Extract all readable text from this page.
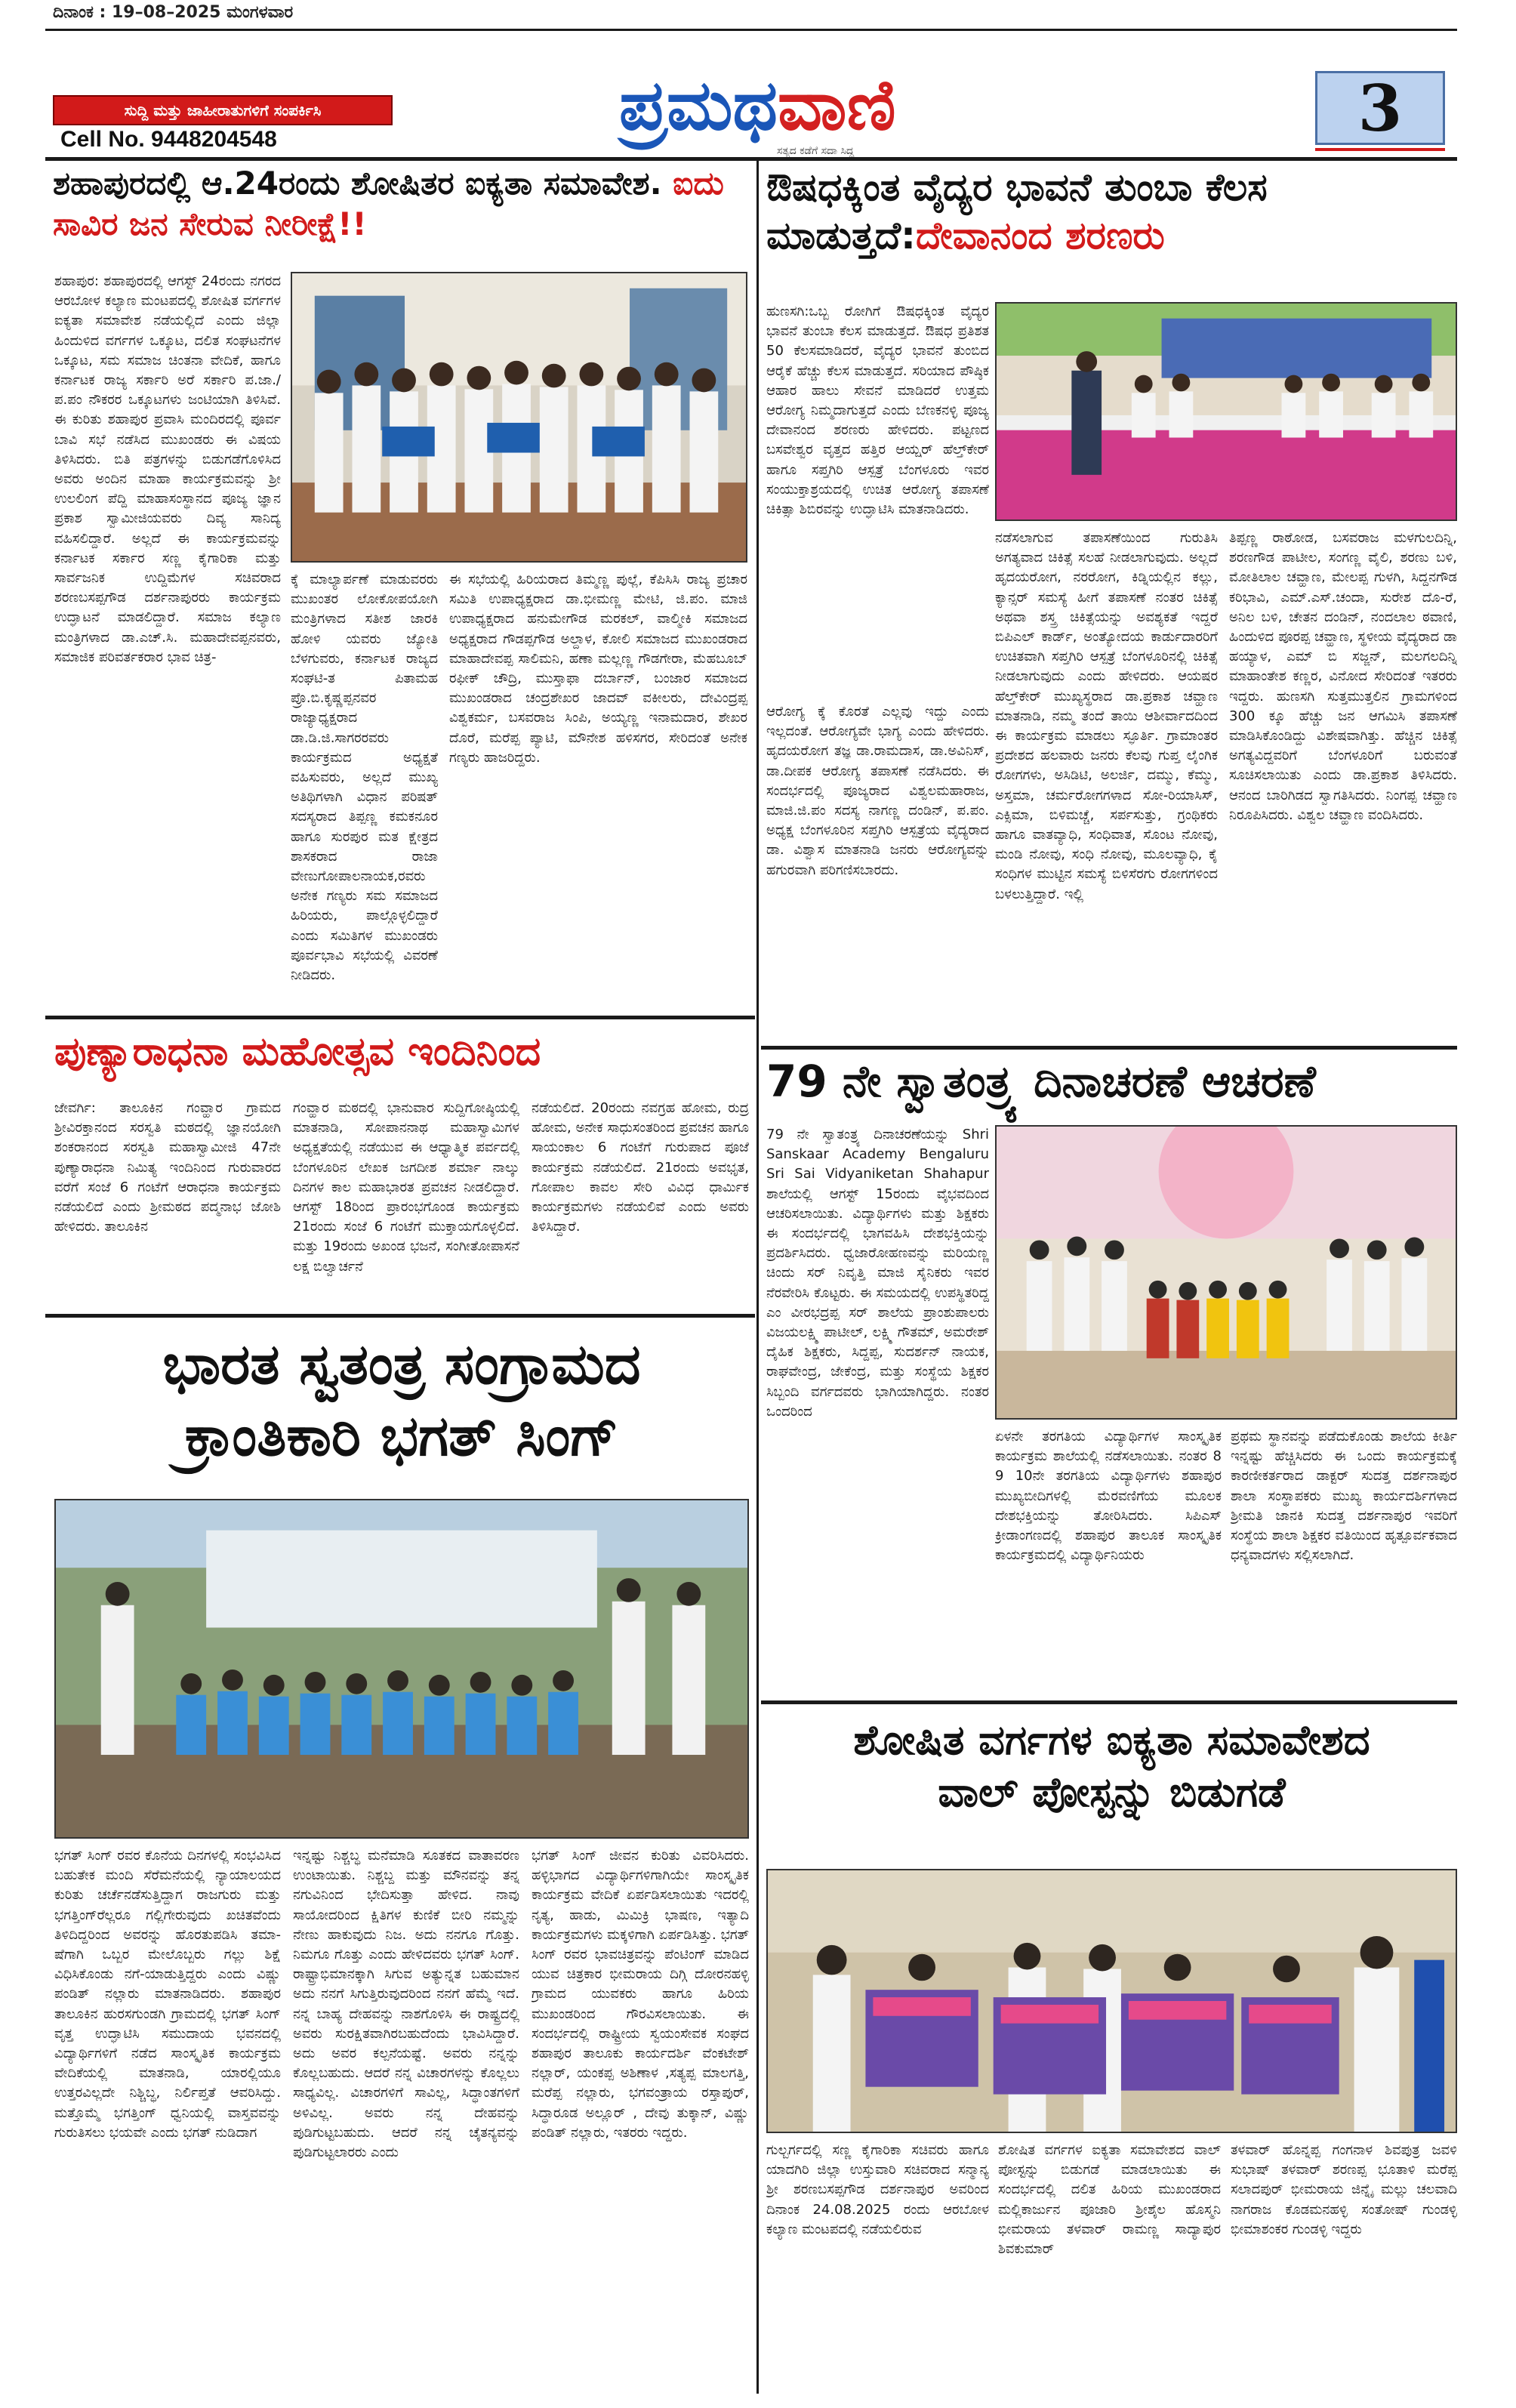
ದಿನಾಂಕ : 19–08–2025 ಮಂಗಳವಾರ
ಸುದ್ದಿ ಮತ್ತು ಜಾಹೀರಾತುಗಳಿಗೆ ಸಂಪರ್ಕಿಸಿ
Cell No. 9448204548	ಪ್ರಮಥವಾಣಿ
ಸತ್ಯದ ಕಡೆಗೆ ಸದಾ ಸಿದ್ಧ
3
ಶಹಾಪುರದಲ್ಲಿ ಆ.24ರಂದು ಶೋಷಿತರ ಐಕ್ಯತಾ ಸಮಾವೇಶ. ಐದು ಸಾವಿರ ಜನ ಸೇರುವ ನೀರೀಕ್ಷೆ!!
ಶಹಾಪುರ: ಶಹಾಪುರದಲ್ಲಿ ಆಗಸ್ಟ್ 24ರಂದು ನಗರದ ಆರಬೋಳ ಕಲ್ಯಾಣ ಮಂಟಪದಲ್ಲಿ ಶೋಷಿತ ವರ್ಗಗಳ ಐಕ್ಯತಾ ಸಮಾವೇಶ ನಡೆಯಲ್ಲಿದೆ ಎಂದು ಜಿಲ್ಲಾ ಹಿಂದುಳಿದ ವರ್ಗಗಳ ಒಕ್ಕೂಟ, ದಲಿತ ಸಂಘಟನೆಗಳ ಒಕ್ಕೂಟ, ಸಮ ಸಮಾಜ ಚಿಂತನಾ ವೇದಿಕೆ, ಹಾಗೂ ಕರ್ನಾಟಕ ರಾಜ್ಯ ಸರ್ಕಾರಿ ಅರೆ ಸರ್ಕಾರಿ ಪ.ಜಾ./ಪ.ಪಂ ನೌಕರರ ಒಕ್ಕೂಟಗಳು ಜಂಟಿಯಾಗಿ ತಿಳಿಸಿವೆ. ಈ ಕುರಿತು ಶಹಾಪುರ ಪ್ರವಾಸಿ ಮಂದಿರದಲ್ಲಿ ಪೂರ್ವ ಬಾವಿ ಸಭೆ ನಡೆಸಿದ ಮುಖಂಡರು ಈ ವಿಷಯ ತಿಳಿಸಿದರು. ಬಿತಿ ಪತ್ರಗಳನ್ನು ಬಿಡುಗಡೆಗೊಳಿಸಿದ ಅವರು ಅಂದಿನ ಮಾಹಾ ಕಾರ್ಯಕ್ರಮವನ್ನು ಶ್ರೀ ಉಲಲಿಂಗ ಪೆದ್ದಿ ಮಾಹಾಸಂಸ್ಥಾನದ ಪೂಜ್ಯ ಜ್ಞಾನ ಪ್ರಕಾಶ ಸ್ವಾಮೀಜಿಯವರು ದಿವ್ಯ ಸಾನಿದ್ಯ ವಹಿಸಲಿದ್ದಾರೆ. ಅಲ್ಲದೆ ಈ ಕಾರ್ಯಕ್ರಮವನ್ನು ಕರ್ನಾಟಕ ಸರ್ಕಾರ ಸಣ್ಣ ಕೈಗಾರಿಕಾ ಮತ್ತು ಸಾರ್ವಜನಿಕ ಉದ್ದಿಮೆಗಳ ಸಚಿವರಾದ ಶರಣಬಸಪ್ಪಗೌಡ ದರ್ಶನಾಪುರರು ಕಾರ್ಯಕ್ರಮ ಉದ್ಘಾಟನೆ ಮಾಡಲಿದ್ದಾರೆ. ಸಮಾಜ ಕಲ್ಯಾಣ ಮಂತ್ರಿಗಳಾದ ಡಾ.ಎಚ್.ಸಿ. ಮಹಾದೇವಪ್ಪನವರು, ಸಮಾಜಿಕ ಪರಿವರ್ತಕರಾರ ಭಾವ ಚಿತ್ರ-
ಕ್ಕೆ ಮಾಲ್ಯಾರ್ಪಣೆ ಮಾಡುವರರು ಮುಖಂತರ ಲೋಕೋಪಯೋಗಿ ಮಂತ್ರಿಗಳಾದ ಸತೀಶ ಜಾರಕಿ ಹೋಳಿ ಯವರು ಜ್ಯೋತಿ ಬೆಳಗುವರು, ಕರ್ನಾಟಕ ರಾಜ್ಯದ ಸಂಘಟಿ-ತ ಪಿತಾಮಹ ಪ್ರೊ.ಬಿ.ಕೃಷ್ಣಪ್ಪನವರ ರಾಜ್ಯಾಧ್ಯಕ್ಷರಾದ ಡಾ.ಡಿ.ಜಿ.ಸಾಗರರವರು ಕಾರ್ಯಕ್ರಮದ ಅಧ್ಯಕ್ಷತೆ ವಹಿಸುವರು, ಅಲ್ಲದೆ ಮುಖ್ಯ ಅತಿಥಿಗಳಾಗಿ ವಿಧಾನ ಪರಿಷತ್ ಸದಸ್ಯರಾದ ತಿಪ್ಪಣ್ಣ ಕಮಕನೂರ ಹಾಗೂ ಸುರಪುರ ಮತ ಕ್ಷೇತ್ರದ ಶಾಸಕರಾದ ರಾಜಾ ವೇಣುಗೋಪಾಲನಾಯಕ,ರವರು ಅನೇಕ ಗಣ್ಯರು ಸಮ ಸಮಾಜದ ಹಿರಿಯರು, ಪಾಲ್ಗೊಳ್ಳಲಿದ್ದಾರೆ ಎಂದು ಸಮಿತಿಗಳ ಮುಖಂಡರು ಪೂರ್ವಭಾವಿ ಸಭೆಯಲ್ಲಿ ವಿವರಣೆ ನೀಡಿದರು.
ಈ ಸಭೆಯಲ್ಲಿ ಹಿರಿಯರಾದ ತಿಮ್ಮಣ್ಣ ಪುಲ್ಲೆ, ಕೆಪಿಸಿಸಿ ರಾಜ್ಯ ಪ್ರಚಾರ ಸಮಿತಿ ಉಪಾಧ್ಯಕ್ಷರಾದ ಡಾ.ಭೀಮಣ್ಣ ಮೇಟಿ, ಜಿ.ಪಂ. ಮಾಜಿ ಉಪಾಧ್ಯಕ್ಷರಾದ ಹನುಮೇಗೌಡ ಮರಕಲ್, ವಾಲ್ಮೀಕಿ ಸಮಾಜದ ಅಧ್ಯಕ್ಷರಾದ ಗೌಡಪ್ಪಗೌಡ ಅಲ್ದಾಳ, ಕೋಲಿ ಸಮಾಜದ ಮುಖಂಡರಾದ ಮಾಹಾದೇವಪ್ಪ ಸಾಲಿಮನಿ, ಹಣಾ ಮಲ್ಲಣ್ಣ ಗೌಡಗೇರಾ, ಮೆಹಬೂಬ್ ರಫೀಕ್ ಚೌದ್ರಿ, ಮುಸ್ತಾಫಾ ದರ್ಬಾನ್, ಬಂಜಾರ ಸಮಾಜದ ಮುಖಂಡರಾದ ಚಂದ್ರಶೇಖರ ಜಾದವ್ ವಕೀಲರು, ದೇವಿಂದ್ರಪ್ಪ ವಿಶ್ವಕರ್ಮ, ಬಸವರಾಜ ಸಿಂಪಿ, ಅಯ್ಯಣ್ಣ ಇನಾಮದಾರ, ಶೇಖರ ದೊರೆ, ಮರೆಪ್ಪ ಪ್ಯಾಟಿ, ಮೌನೇಶ ಹಳಿಸಗರ, ಸೇರಿದಂತೆ ಅನೇಕ ಗಣ್ಯರು ಹಾಜರಿದ್ದರು.
ಪುಣ್ಯಾರಾಧನಾ ಮಹೋತ್ಸವ ಇಂದಿನಿಂದ
ಜೇವರ್ಗಿ: ತಾಲೂಕಿನ ಗಂವ್ಹಾರ ಗ್ರಾಮದ ಶ್ರೀವಿರಕ್ತಾನಂದ ಸರಸ್ವತಿ ಮಠದಲ್ಲಿ ಜ್ಞಾನಯೋಗಿ ಶಂಕರಾನಂದ ಸರಸ್ವತಿ ಮಹಾಸ್ವಾಮೀಜಿ 47ನೇ ಪುಣ್ಯಾರಾಧನಾ ನಿಮಿತ್ಯ ಇಂದಿನಿಂದ ಗುರುವಾರದ ವರೆಗೆ ಸಂಜೆ 6 ಗಂಟೆಗೆ ಆರಾಧನಾ ಕಾರ್ಯಕ್ರಮ ನಡೆಯಲಿದೆ ಎಂದು ಶ್ರೀಮಠದ ಪದ್ಮನಾಭ ಜೋಶಿ ಹೇಳಿದರು. ತಾಲೂಕಿನ
ಗಂವ್ಹಾರ ಮಠದಲ್ಲಿ ಭಾನುವಾರ ಸುದ್ದಿಗೋಷ್ಠಿಯಲ್ಲಿ ಮಾತನಾಡಿ, ಸೋಪಾನನಾಥ ಮಹಾಸ್ವಾಮಿಗಳ ಅಧ್ಯಕ್ಷತೆಯಲ್ಲಿ ನಡೆಯುವ ಈ ಆಧ್ಯಾತ್ಮಿಕ ಪರ್ವದಲ್ಲಿ ಬೆಂಗಳೂರಿನ ಲೇಖಕ ಜಗದೀಶ ಶರ್ಮಾ ನಾಲ್ಕು ದಿನಗಳ ಕಾಲ ಮಹಾಭಾರತ ಪ್ರವಚನ ನೀಡಲಿದ್ದಾರೆ. ಆಗಸ್ಟ್ 18ರಿಂದ ಪ್ರಾರಂಭಗೊಂಡ ಕಾರ್ಯಕ್ರಮ 21ರಂದು ಸಂಜೆ 6 ಗಂಟೆಗೆ ಮುಕ್ತಾಯಗೊಳ್ಳಲಿದೆ. ಮತ್ತು 19ರಂದು ಅಖಂಡ ಭಜನೆ, ಸಂಗೀತೋಪಾಸನೆ ಲಕ್ಷ ಬಿಲ್ವಾರ್ಚನೆ
ನಡೆಯಲಿದೆ. 20ರಂದು ನವಗ್ರಹ ಹೋಮ, ರುದ್ರ ಹೋಮ, ಅನೇಕ ಸಾಧುಸಂತರಿಂದ ಪ್ರವಚನ ಹಾಗೂ ಸಾಯಂಕಾಲ 6 ಗಂಟೆಗೆ ಗುರುಪಾದ ಪೂಜೆ ಕಾರ್ಯಕ್ರಮ ನಡೆಯಲಿದೆ. 21ರಂದು ಅವಭೃತ, ಗೋಪಾಲ ಕಾವಲ ಸೇರಿ ವಿವಿಧ ಧಾರ್ಮಿಕ ಕಾರ್ಯಕ್ರಮಗಳು ನಡೆಯಲಿವೆ ಎಂದು ಅವರು ತಿಳಿಸಿದ್ದಾರೆ.
ಭಾರತ ಸ್ವತಂತ್ರ ಸಂಗ್ರಾಮದ
ಕ್ರಾಂತಿಕಾರಿ ಭಗತ್ ಸಿಂಗ್
ಭಗತ್ ಸಿಂಗ್ ರವರ ಕೊನೆಯ ದಿನಗಳಲ್ಲಿ ಸಂಭವಿಸಿದ ಬಹುತೇಕ ಮಂದಿ ಸೆರೆಮನೆಯಲ್ಲಿ ನ್ಯಾಯಾಲಯದ ಕುರಿತು ಚರ್ಚೆನಡೆಸುತ್ತಿದ್ದಾಗ ರಾಜಗುರು ಮತ್ತು ಭಗತ್ತಿಂಗ್‌ರೆಲ್ಲರೂ ಗಲ್ಲಿಗೇರುವುದು ಖಚಿತವೆಂದು ತಿಳಿದಿದ್ದರಿಂದ ಅವರನ್ನು ಹೊರತುಪಡಿಸಿ ತಮಾ-ಷೆಗಾಗಿ ಒಬ್ಬರ ಮೇಲೊಬ್ಬರು ಗಲ್ಲು ಶಿಕ್ಷೆ ವಿಧಿಸಿಕೊಂಡು ನಗೆ-ಯಾಡುತ್ತಿದ್ದರು ಎಂದು ವಿಷ್ಣು ಪಂಡಿತ್ ನಲ್ಲಾರು ಮಾತನಾಡಿದರು. ಶಹಾಪುರ ತಾಲೂಕಿನ ಹುರಸಗುಂಡಗಿ ಗ್ರಾಮದಲ್ಲಿ ಭಗತ್ ಸಿಂಗ್ ವೃತ್ತ ಉದ್ಘಾಟಿಸಿ ಸಮುದಾಯ ಭವನದಲ್ಲಿ ವಿದ್ಯಾರ್ಥಿಗಳಿಗೆ ನಡೆದ ಸಾಂಸ್ಕೃತಿಕ ಕಾರ್ಯಕ್ರಮ ವೇದಿಕೆಯಲ್ಲಿ ಮಾತನಾಡಿ, ಯಾರಲ್ಲಿಯೂ ಉತ್ತರವಿಲ್ಲದೇ ನಿಶ್ಚಿಬ್ಧ, ನಿರ್ಲಿಪ್ತತೆ ಆವರಿಸಿದ್ದು. ಮತ್ತೊಮ್ಮೆ ಭಗತ್ತಿಂಗ್ ಧ್ವನಿಯಲ್ಲಿ ವಾಸ್ತವವನ್ನು ಗುರುತಿಸಲು ಭಯವೇ ಎಂದು ಭಗತ್ ನುಡಿದಾಗ
ಇನ್ನಷ್ಟು ನಿಶ್ಚಬ್ಧ ಮನೆಮಾಡಿ ಸೂತಕದ ವಾತಾವರಣ ಉಂಟಾಯಿತು. ನಿಶ್ಚಬ್ದ ಮತ್ತು ಮೌನವನ್ನು ತನ್ನ ನಗುವಿನಿಂದ ಭೇದಿಸುತ್ತಾ ಹೇಳಿದ. ನಾವು ಸಾಯೋದರಿಂದ ಕ್ಷಿತಿಗಳ ಕುಣಿಕೆ ಬೀರಿ ನಮ್ಮನ್ನು ನೇಣು ಹಾಕುವುದು ನಿಜ. ಅದು ನನಗೂ ಗೊತ್ತು. ನಿಮಗೂ ಗೊತ್ತು ಎಂದು ಹೇಳಿದವರು ಭಗತ್ ಸಿಂಗ್. ರಾಷ್ಟ್ರಾಭಿಮಾನಕ್ಕಾಗಿ ಸಿಗುವ ಅತ್ಯುನ್ನತ ಬಹುಮಾನ ಅದು ನನಗೆ ಸಿಗುತ್ತಿರುವುದರಿಂದ ನನಗೆ ಹೆಮ್ಮೆ ಇದೆ. ನನ್ನ ಬಾಹ್ಯ ದೇಹವನ್ನು ನಾಶಗೊಳಿಸಿ ಈ ರಾಷ್ಟ್ರದಲ್ಲಿ ಅವರು ಸುರಕ್ಷಿತವಾಗಿರಬಹುದೆಂದು ಭಾವಿಸಿದ್ದಾರೆ. ಅದು ಅವರ ಕಲ್ಪನೆಯಷ್ಟೆ. ಅವರು ನನ್ನನ್ನು ಕೊಲ್ಲಬಹುದು. ಆದರೆ ನನ್ನ ವಿಚಾರಗಳನ್ನು ಕೊಲ್ಲಲು ಸಾಧ್ಯವಿಲ್ಲ. ವಿಚಾರಗಳಿಗೆ ಸಾವಿಲ್ಲ, ಸಿದ್ಧಾಂತಗಳಿಗೆ ಅಳಿವಿಲ್ಲ. ಅವರು ನನ್ನ ದೇಹವನ್ನು ಪುಡಿಗುಟ್ಟಬಹುದು. ಆದರೆ ನನ್ನ ಚೈತನ್ಯವನ್ನು ಪುಡಿಗುಟ್ಟಲಾರರು ಎಂದು
ಭಗತ್ ಸಿಂಗ್ ಜೀವನ ಕುರಿತು ವಿವರಿಸಿದರು. ಹಳ್ಳಿಭಾಗದ ವಿದ್ಯಾರ್ಥಿಗಳಿಗಾಗಿಯೇ ಸಾಂಸ್ಕೃತಿಕ ಕಾರ್ಯಕ್ರಮ ವೇದಿಕೆ ಏರ್ಪಡಿಸಲಾಯಿತು ಇದರಲ್ಲಿ ನೃತ್ಯ, ಹಾಡು, ಮಿಮಿಕ್ರಿ ಭಾಷಣ, ಇತ್ಯಾದಿ ಕಾರ್ಯಕ್ರಮಗಳು ಮಕ್ಕಳಿಗಾಗಿ ಏರ್ಪಡಿಸಿತ್ತು. ಭಗತ್ ಸಿಂಗ್ ರವರ ಭಾವಚಿತ್ರವನ್ನು ಪೆಂಟಿಂಗ್ ಮಾಡಿದ ಯುವ ಚಿತ್ರಕಾರ ಭೀಮರಾಯ ದಿಗ್ಗಿ ದೋರನಹಳ್ಳಿ ಗ್ರಾಮದ ಯುವಕರು ಹಾಗೂ ಹಿರಿಯ ಮುಖಂಡರಿಂದ ಗೌರವಿಸಲಾಯಿತು. ಈ ಸಂದರ್ಭದಲ್ಲಿ ರಾಷ್ಟ್ರೀಯ ಸ್ವಯಂಸೇವಕ ಸಂಘದ ಶಹಾಪುರ ತಾಲೂಕು ಕಾರ್ಯದರ್ಶಿ ವೆಂಕಟೇಶ್ ನಲ್ಲಾರ್, ಯಂಕಪ್ಪ ಅಶಿಣಾಳ ,ಸತ್ಯಪ್ಪ ಮಾಲಗತ್ತಿ, ಮರೆಪ್ಪ ನಲ್ಲಾರು, ಭಗವಂತ್ರಾಯ ರಸ್ತಾಪುರ್, ಸಿದ್ಧಾರೂಡ ಅಲ್ಲೂರ್ , ದೇವು ತುಕ್ಕಾನ್, ವಿಷ್ಣು ಪಂಡಿತ್ ನಲ್ಲಾರು, ಇತರರು ಇದ್ದರು.
ಔಷಧಕ್ಕಿಂತ ವೈದ್ಯರ ಭಾವನೆ ತುಂಬಾ ಕೆಲಸ ಮಾಡುತ್ತದೆ:ದೇವಾನಂದ ಶರಣರು
ಹುಣಸಗಿ:ಒಬ್ಬ ರೋಗಿಗೆ ಔಷಧಕ್ಕಿಂತ ವೈದ್ಯರ ಭಾವನೆ ತುಂಬಾ ಕೆಲಸ ಮಾಡುತ್ತದೆ. ಔಷಧ ಪ್ರತಿಶತ 50 ಕೆಲಸಮಾಡಿದರೆ, ವೈದ್ಯರ ಭಾವನೆ ತುಂಬಿದ ಆರೈಕೆ ಹೆಚ್ಚು ಕೆಲಸ ಮಾಡುತ್ತದೆ. ಸರಿಯಾದ ಪೌಷ್ಠಿಕ ಆಹಾರ ಹಾಲು ಸೇವನೆ ಮಾಡಿದರೆ ಉತ್ತಮ ಆರೋಗ್ಯ ನಿಮ್ಮದಾಗುತ್ತದೆ ಎಂದು ಬೆಣಕನಳ್ಳಿ ಪೂಜ್ಯ ದೇವಾನಂದ ಶರಣರು ಹೇಳಿದರು. ಪಟ್ಟಣದ ಬಸವೇಶ್ವರ ವೃತ್ತದ ಹತ್ತಿರ ಆಯ್ಷರ್ ಹೆಲ್ತ್‌ಕೇರ್ ಹಾಗೂ ಸಪ್ತಗಿರಿ ಆಸ್ಪತ್ರೆ ಬೆಂಗಳೂರು ಇವರ ಸಂಯುಕ್ತಾಶ್ರಯದಲ್ಲಿ ಉಚಿತ ಆರೋಗ್ಯ ತಪಾಸಣೆ ಚಿಕಿತ್ಸಾ ಶಿಬಿರವನ್ನು ಉದ್ಘಾಟಿಸಿ ಮಾತನಾಡಿದರು.
ನಡೆಸಲಾಗುವ ತಪಾಸಣೆಯಿಂದ ಗುರುತಿಸಿ ಅಗತ್ಯವಾದ ಚಿಕಿತ್ಸೆ ಸಲಹೆ ನೀಡಲಾಗುವುದು. ಅಲ್ಲದೆ ಹೃದಯರೋಗ, ನರರೋಗ, ಕಿಡ್ನಿಯಲ್ಲಿನ ಕಲ್ಲು, ಕ್ಯಾನ್ಸರ್ ಸಮಸ್ಯೆ ಹೀಗೆ ತಪಾಸಣೆ ನಂತರ ಚಿಕಿತ್ಸೆ ಅಥವಾ ಶಸ್ತ್ರ ಚಿಕಿತ್ಸೆಯನ್ನು ಅವಶ್ಯಕತೆ ಇದ್ದರೆ ಬಿಪಿಎಲ್ ಕಾರ್ಡ್, ಅಂತ್ಯೋದಯ ಕಾರ್ಡುದಾರರಿಗೆ ಉಚಿತವಾಗಿ ಸಪ್ತಗಿರಿ ಆಸ್ಪತ್ರೆ ಬೆಂಗಳೂರಿನಲ್ಲಿ ಚಿಕಿತ್ಸೆ ನೀಡಲಾಗುವುದು ಎಂದು ಹೇಳಿದರು. ಆಯಷರ ಹೆಲ್ತ್‌ಕೇರ್ ಮುಖ್ಯಸ್ಥರಾದ ಡಾ.ಪ್ರಕಾಶ ಚವ್ಹಾಣ ಮಾತನಾಡಿ, ನಮ್ಮ ತಂದೆ ತಾಯಿ ಆಶೀರ್ವಾದದಿಂದ ಈ ಕಾರ್ಯಕ್ರಮ ಮಾಡಲು ಸ್ಫೂರ್ತಿ. ಗ್ರಾಮಾಂತರ ಪ್ರದೇಶದ ಹಲವಾರು ಜನರು ಕೆಲವು ಗುಪ್ತ ಲೈಂಗಿಕ ರೋಗಗಳು, ಅಸಿಡಿಟಿ, ಅಲರ್ಜಿ, ದಮ್ಮು, ಕೆಮ್ಮು, ಅಸ್ತಮಾ, ಚರ್ಮರೋಗಗಳಾದ ಸೋ-ರಿಯಾಸಿಸ್, ಎಕ್ಸಿಮಾ, ಬಿಳಿಮಚ್ಚೆ, ಸರ್ಪಸುತ್ತು, ಗ್ರಂಥಿಕರು ಹಾಗೂ ವಾತವ್ಯಾಧಿ, ಸಂಧಿವಾತ, ಸೊಂಟ ನೋವು, ಮಂಡಿ ನೋವು, ಸಂಧಿ ನೋವು, ಮೂಲವ್ಯಾಧಿ, ಕೈ ಸಂಧಿಗಳ ಮುಟ್ಟಿನ ಸಮಸ್ಯೆ ಬಿಳಿಸೆರಗು ರೋಗಗಳಿಂದ ಬಳಲುತ್ತಿದ್ದಾರೆ. ಇಲ್ಲಿ
ಆರೋಗ್ಯ ಕ್ಕೆ ಕೊರತೆ ಎಲ್ಲವು ಇದ್ದು ಎಂದು ಇಲ್ಲದಂತೆ. ಆರೋಗ್ಯವೇ ಭಾಗ್ಯ ಎಂದು ಹೇಳಿದರು. ಹೃದಯರೋಗ ತಜ್ಞ ಡಾ.ರಾಮದಾಸ, ಡಾ.ಅವಿನಿಸ್, ಡಾ.ದೀಪಕ ಆರೋಗ್ಯ ತಪಾಸಣೆ ನಡೆಸಿದರು. ಈ ಸಂದರ್ಭದಲ್ಲಿ ಪೂಜ್ಯರಾದ ವಿಶ್ವಲಮಹಾರಾಜ, ಮಾಜಿ.ಜಿ.ಪಂ ಸದಸ್ಯ ನಾಗಣ್ಣ ದಂಡಿನ್, ಪ.ಪಂ. ಅಧ್ಯಕ್ಷ ಬೆಂಗಳೂರಿನ ಸಪ್ತಗಿರಿ ಆಸ್ಪತ್ರೆಯ ವೈದ್ಯರಾದ ಡಾ. ವಿಶ್ವಾಸ ಮಾತನಾಡಿ ಜನರು ಆರೋಗ್ಯವನ್ನು ಹಗುರವಾಗಿ ಪರಿಗಣಿಸಬಾರದು.
ತಿಪ್ಪಣ್ಣ ರಾಠೋಡ, ಬಸವರಾಜ ಮಳಗುಲದಿನ್ನಿ, ಶರಣಗೌಡ ಪಾಟೀಲ, ಸಂಗಣ್ಣ ವೈಲಿ, ಶರಣು ಬಳಿ, ಮೋತಿಲಾಲ ಚವ್ಹಾಣ, ಮೇಲಪ್ಪ ಗುಳಗಿ, ಸಿದ್ದನಗೌಡ ಕರಿಭಾವಿ, ಎಮ್.ಎಸ್.ಚಂದಾ, ಸುರೇಶ ದೊ-ರೆ, ಅನಿಲ ಬಳಿ, ಚೇತನ ದಂಡಿನ್, ನಂದಲಾಲ ಠವಾಣಿ, ಹಿಂದುಳಿದ ಪೂರಪ್ಪ ಚವ್ಹಾಣ, ಸ್ಥಳೀಯ ವೈದ್ಯರಾದ ಡಾ ಹಯ್ಯಾಳ, ಎಮ್ ಬಿ ಸಜ್ಜನ್, ಮಲಗಲದಿನ್ನಿ ಮಾಹಾಂತೇಶ ಕಣ್ಣರ, ವಿನೋದ ಸೇರಿದಂತೆ ಇತರರು ಇದ್ದರು. ಹುಣಸಗಿ ಸುತ್ತಮುತ್ತಲಿನ ಗ್ರಾಮಗಳಿಂದ 300 ಕ್ಕೂ ಹೆಚ್ಚು ಜನ ಆಗಮಿಸಿ ತಪಾಸಣೆ ಮಾಡಿಸಿಕೊಂಡಿದ್ದು ವಿಶೇಷವಾಗಿತ್ತು. ಹೆಚ್ಚಿನ ಚಿಕಿತ್ಸೆ ಅಗತ್ಯವಿದ್ದವರಿಗೆ ಬೆಂಗಳೂರಿಗೆ ಬರುವಂತೆ ಸೂಚಿಸಲಾಯಿತು ಎಂದು ಡಾ.ಪ್ರಕಾಶ ತಿಳಿಸಿದರು. ಆನಂದ ಬಾರಿಗಿಡದ ಸ್ವಾಗತಿಸಿದರು. ನಿಂಗಪ್ಪ ಚವ್ಹಾಣ ನಿರೂಪಿಸಿದರು. ವಿಶ್ವಲ ಚವ್ಹಾಣ ವಂದಿಸಿದರು.
79 ನೇ ಸ್ವಾತಂತ್ರ್ಯ ದಿನಾಚರಣೆ ಆಚರಣೆ
79 ನೇ ಸ್ವಾತಂತ್ರ್ಯ ದಿನಾಚರಣೆಯನ್ನು Shri Sanskaar Academy Bengaluru Sri Sai Vidyaniketan Shahapur ಶಾಲೆಯಲ್ಲಿ ಆಗಸ್ಟ್ 15ರಂದು ವೈಭವದಿಂದ ಆಚರಿಸಲಾಯಿತು. ವಿದ್ಯಾರ್ಥಿಗಳು ಮತ್ತು ಶಿಕ್ಷಕರು ಈ ಸಂದರ್ಭದಲ್ಲಿ ಭಾಗವಹಿಸಿ ದೇಶಭಕ್ತಿಯನ್ನು ಪ್ರದರ್ಶಿಸಿದರು. ಧ್ವಜಾರೋಹಣವನ್ನು ಮರಿಯಣ್ಣ ಚಿಂದು ಸರ್ ನಿವೃತ್ತಿ ಮಾಜಿ ಸೈನಿಕರು ಇವರ ನೆರವೇರಿಸಿ ಕೊಟ್ಟರು. ಈ ಸಮಯದಲ್ಲಿ ಉಪಸ್ಥಿತರಿದ್ದ ಎಂ ವೀರಭದ್ರಪ್ಪ ಸರ್ ಶಾಲೆಯ ಪ್ರಾಂಶುಪಾಲರು ವಿಜಯಲಕ್ಷ್ಮಿ ಪಾಟೀಲ್, ಲಕ್ಷ್ಮಿ ಗೌತಮ್, ಅಮರೇಶ್ ದೈಹಿಕ ಶಿಕ್ಷಕರು, ಸಿದ್ದಪ್ಪ, ಸುದರ್ಶನ್ ನಾಯಕ, ರಾಘವೇಂದ್ರ, ಜೇಕೆಂದ್ರ, ಮತ್ತು ಸಂಸ್ಥೆಯ ಶಿಕ್ಷಕರ ಸಿಬ್ಬಂದಿ ವರ್ಗದವರು ಭಾಗಿಯಾಗಿದ್ದರು. ನಂತರ ಒಂದರಿಂದ
ಏಳನೇ ತರಗತಿಯ ವಿದ್ಯಾರ್ಥಿಗಳ ಸಾಂಸ್ಕೃತಿಕ ಕಾರ್ಯಕ್ರಮ ಶಾಲೆಯಲ್ಲಿ ನಡೆಸಲಾಯಿತು. ನಂತರ 8 9 10ನೇ ತರಗತಿಯ ವಿದ್ಯಾರ್ಥಿಗಳು ಶಹಾಪುರ ಮುಖ್ಯಬೀದಿಗಳಲ್ಲಿ ಮೆರವಣಿಗೆಯ ಮೂಲಕ ದೇಶಭಕ್ತಿಯನ್ನು ತೋರಿಸಿದರು. ಸಿಪಿಎಸ್ ಕ್ರೀಡಾಂಗಣದಲ್ಲಿ ಶಹಾಪುರ ತಾಲೂಕ ಸಾಂಸ್ಕೃತಿಕ ಕಾರ್ಯಕ್ರಮದಲ್ಲಿ ವಿದ್ಯಾರ್ಥಿನಿಯರು
ಪ್ರಥಮ ಸ್ಥಾನವನ್ನು ಪಡೆದುಕೊಂಡು ಶಾಲೆಯ ಕೀರ್ತಿ ಇನ್ನಷ್ಟು ಹೆಚ್ಚಿಸಿದರು ಈ ಒಂದು ಕಾರ್ಯಕ್ರಮಕ್ಕೆ ಕಾರಣೀಕರ್ತರಾದ ಡಾಕ್ಟರ್ ಸುದತ್ತ ದರ್ಶನಾಪುರ ಶಾಲಾ ಸಂಸ್ಥಾಪಕರು ಮುಖ್ಯ ಕಾರ್ಯದರ್ಶಿಗಳಾದ ಶ್ರೀಮತಿ ಜಾನಕಿ ಸುದತ್ತ ದರ್ಶನಾಪುರ ಇವರಿಗೆ ಸಂಸ್ಥೆಯ ಶಾಲಾ ಶಿಕ್ಷಕರ ವತಿಯಿಂದ ಹೃತ್ಪೂರ್ವಕವಾದ ಧನ್ಯವಾದಗಳು ಸಲ್ಲಿಸಲಾಗಿದೆ.
ಶೋಷಿತ ವರ್ಗಗಳ ಐಕ್ಯತಾ ಸಮಾವೇಶದ
ವಾಲ್ ಪೋಸ್ಟನ್ನು ಬಿಡುಗಡೆ
ಗುಲ್ಬರ್ಗದಲ್ಲಿ ಸಣ್ಣ ಕೈಗಾರಿಕಾ ಸಚಿವರು ಹಾಗೂ ಯಾದಗಿರಿ ಜಿಲ್ಲಾ ಉಸ್ತುವಾರಿ ಸಚಿವರಾದ ಸನ್ಮಾನ್ಯ ಶ್ರೀ ಶರಣಬಸಪ್ಪಗೌಡ ದರ್ಶನಾಪುರ ಅವರಿಂದ ದಿನಾಂಕ 24.08.2025 ರಂದು ಆರಬೋಳ ಕಲ್ಯಾಣ ಮಂಟಪದಲ್ಲಿ ನಡೆಯಲಿರುವ
ಶೋಷಿತ ವರ್ಗಗಳ ಐಕ್ಯತಾ ಸಮಾವೇಶದ ವಾಲ್ ಪೋಸ್ಟನ್ನು ಬಿಡುಗಡೆ ಮಾಡಲಾಯಿತು ಈ ಸಂದರ್ಭದಲ್ಲಿ ದಲಿತ ಹಿರಿಯ ಮುಖಂಡರಾದ ಮಲ್ಲಿಕಾರ್ಜುನ ಪೂಜಾರಿ ಶ್ರೀಶೈಲ ಹೊಸ್ಮನಿ ಭೀಮರಾಯ ತಳವಾರ್ ರಾಮಣ್ಣ ಸಾದ್ಯಾಪುರ ಶಿವಕುಮಾರ್
ತಳವಾರ್ ಹೊನ್ನಪ್ಪ ಗಂಗನಾಳ ಶಿವಪುತ್ರ ಜವಳಿ ಸುಭಾಷ್ ತಳವಾರ್ ಶರಣಪ್ಪ ಭೂತಾಳಿ ಮರೆಪ್ಪ ಸಲಾದಪುರ್ ಭೀಮರಾಯ ಜಿನ್ನೈ ಮಲ್ಲು ಚಲವಾದಿ ನಾಗರಾಜ ಕೊಡಮನಹಳ್ಳಿ ಸಂತೋಷ್ ಗುಂಡಳ್ಳಿ ಭೀಮಾಶಂಕರ ಗುಂಡಳ್ಳಿ ಇದ್ದರು
